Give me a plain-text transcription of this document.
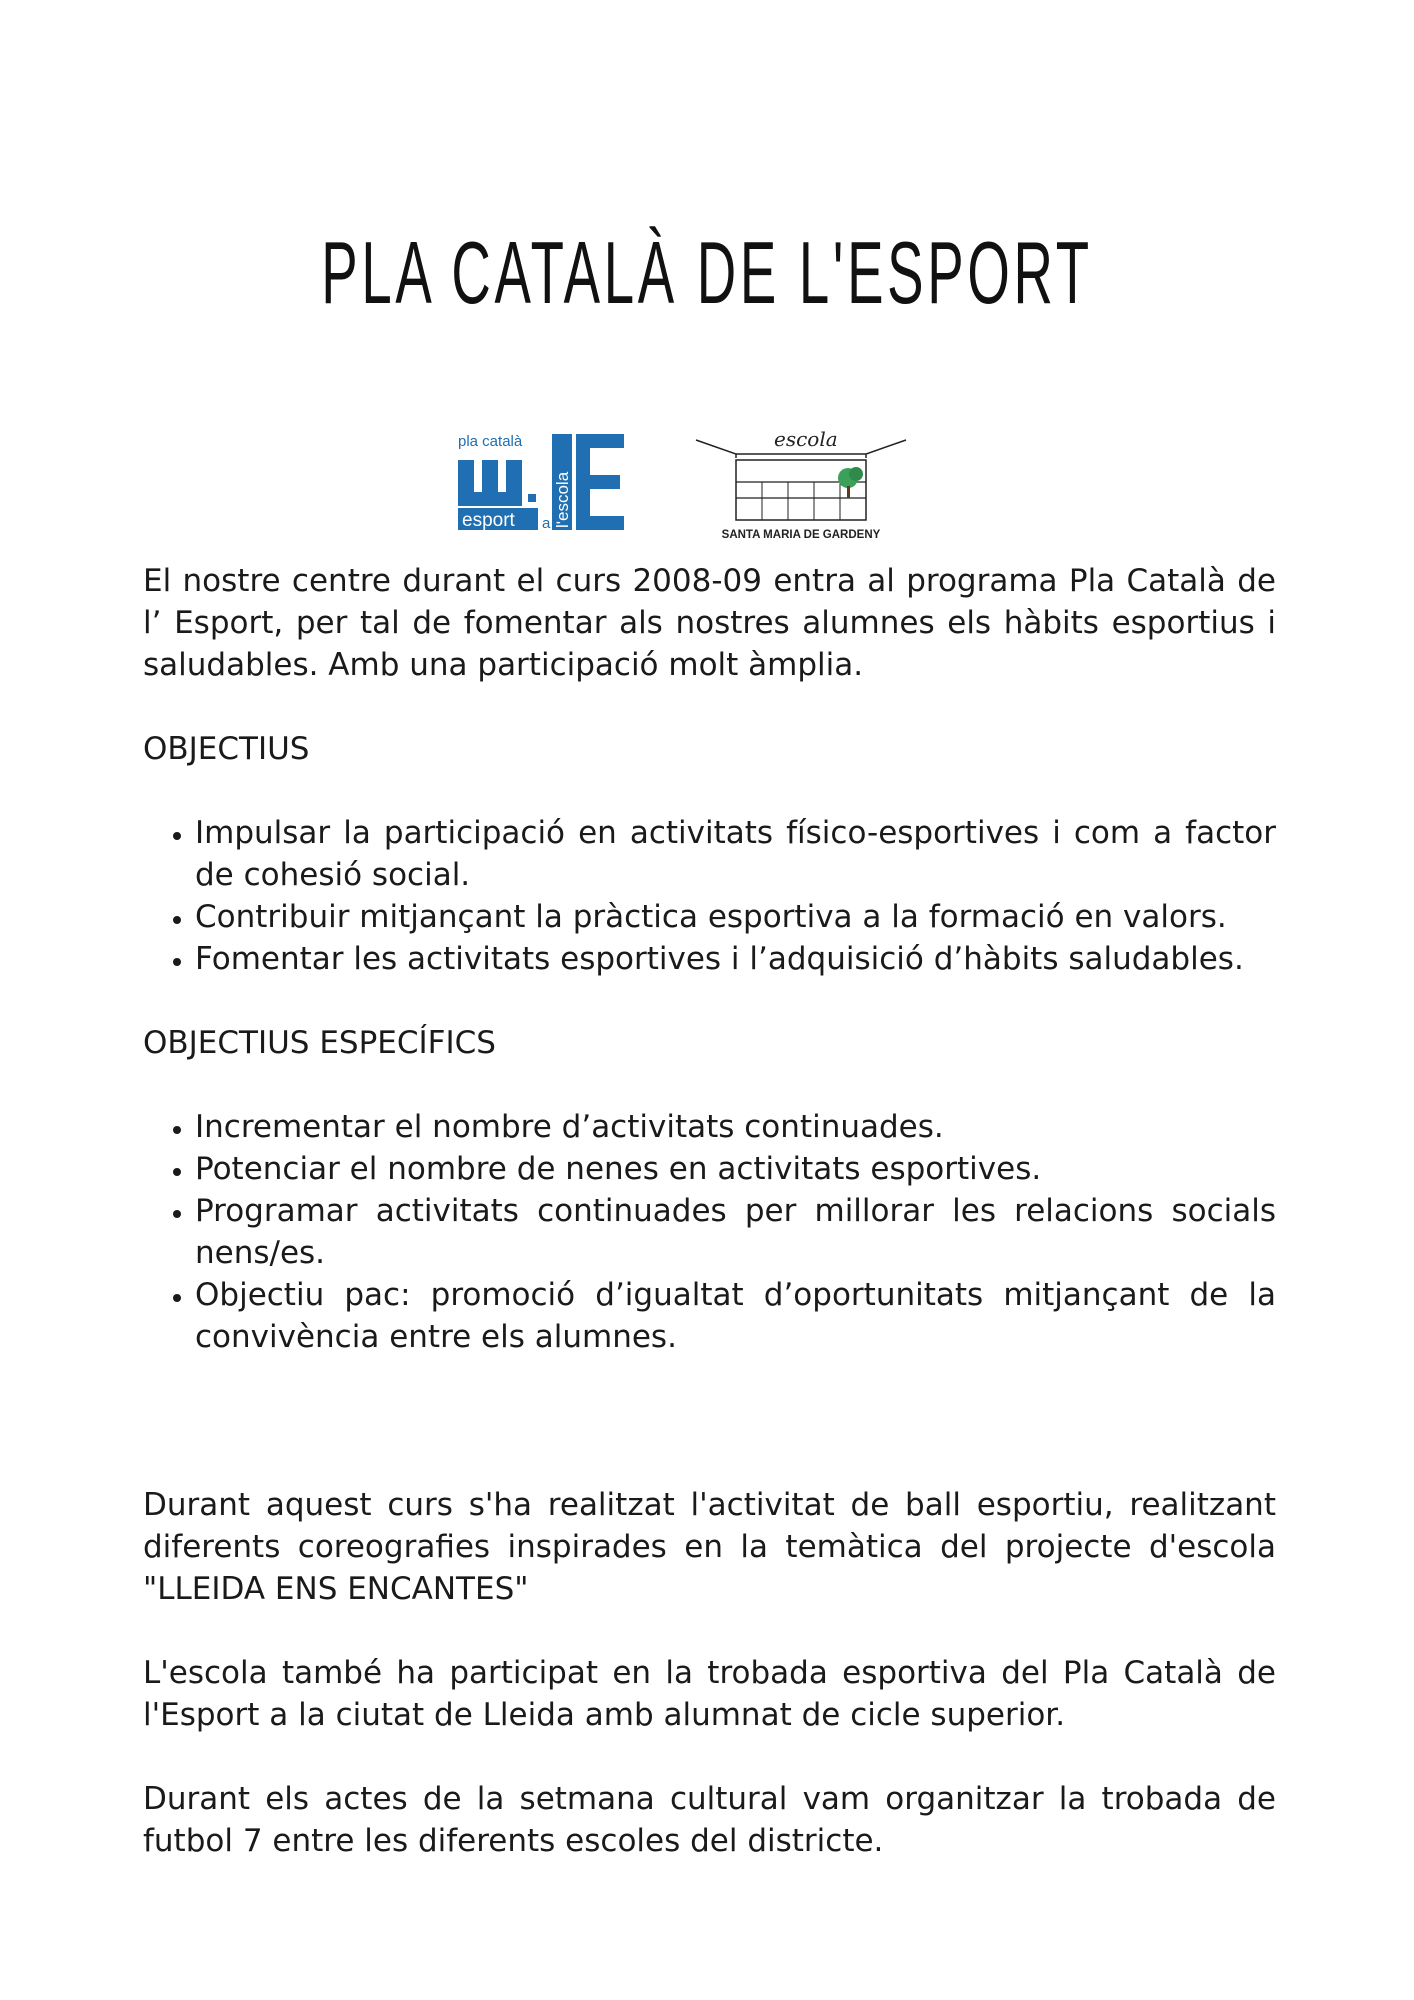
PLA CATALÀ DE L'ESPORT
pla català
esport a l'escola
escola
SANTA MARIA DE GARDENY

El nostre centre durant el curs 2008-09 entra al programa Pla Català de l’ Esport, per tal de fomentar als nostres alumnes els hàbits esportius i saludables. Amb una participació molt àmplia.

OBJECTIUS

• Impulsar la participació en activitats físico-esportives i com a factor de cohesió social.
• Contribuir mitjançant la pràctica esportiva a la formació en valors.
• Fomentar les activitats esportives i l’adquisició d’hàbits saludables.

OBJECTIUS ESPECÍFICS

• Incrementar el nombre d’activitats continuades.
• Potenciar el nombre de nenes en activitats esportives.
• Programar activitats continuades per millorar les relacions socials nens/es.
• Objectiu pac: promoció d’igualtat d’oportunitats mitjançant de la convivència entre els alumnes.

Durant aquest curs s'ha realitzat l'activitat de ball esportiu, realitzant diferents coreografies inspirades en la temàtica del projecte d'escola "LLEIDA ENS ENCANTES"

L'escola també ha participat en la trobada esportiva del Pla Català de l'Esport a la ciutat de Lleida amb alumnat de cicle superior.

Durant els actes de la setmana cultural vam organitzar la trobada de futbol 7 entre les diferents escoles del districte.
